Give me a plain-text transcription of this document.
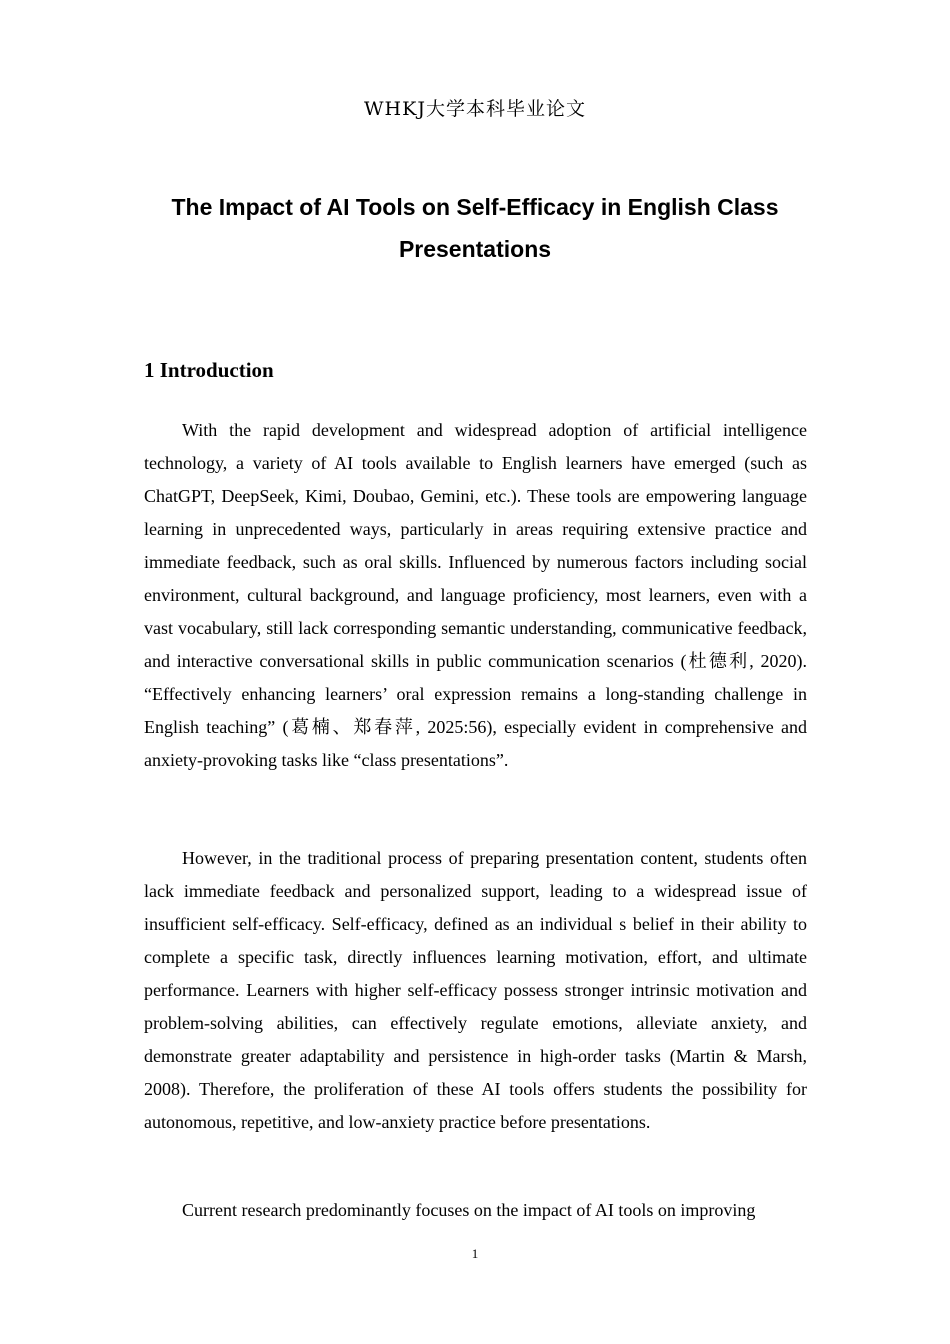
WHKJ大学本科毕业论文
The Impact of AI Tools on Self-Efficacy in English Class Presentations
1 Introduction

With the rapid development and widespread adoption of artificial intelligence technology, a variety of AI tools available to English learners have emerged (such as ChatGPT, DeepSeek, Kimi, Doubao, Gemini, etc.). These tools are empowering language learning in unprecedented ways, particularly in areas requiring extensive practice and immediate feedback, such as oral skills. Influenced by numerous factors including social environment, cultural background, and language proficiency, most learners, even with a vast vocabulary, still lack corresponding semantic understanding, communicative feedback, and interactive conversational skills in public communication scenarios (杜德利, 2020). “Effectively enhancing learners’ oral expression remains a long-standing challenge in English teaching” (葛楠、郑春萍, 2025:56), especially evident in comprehensive and anxiety-provoking tasks like “class presentations”.

However, in the traditional process of preparing presentation content, students often lack immediate feedback and personalized support, leading to a widespread issue of insufficient self-efficacy. Self-efficacy, defined as an individual s belief in their ability to complete a specific task, directly influences learning motivation, effort, and ultimate performance. Learners with higher self-efficacy possess stronger intrinsic motivation and problem-solving abilities, can effectively regulate emotions, alleviate anxiety, and demonstrate greater adaptability and persistence in high-order tasks (Martin & Marsh, 2008). Therefore, the proliferation of these AI tools offers students the possibility for autonomous, repetitive, and low-anxiety practice before presentations.

Current research predominantly focuses on the impact of AI tools on improving

1
